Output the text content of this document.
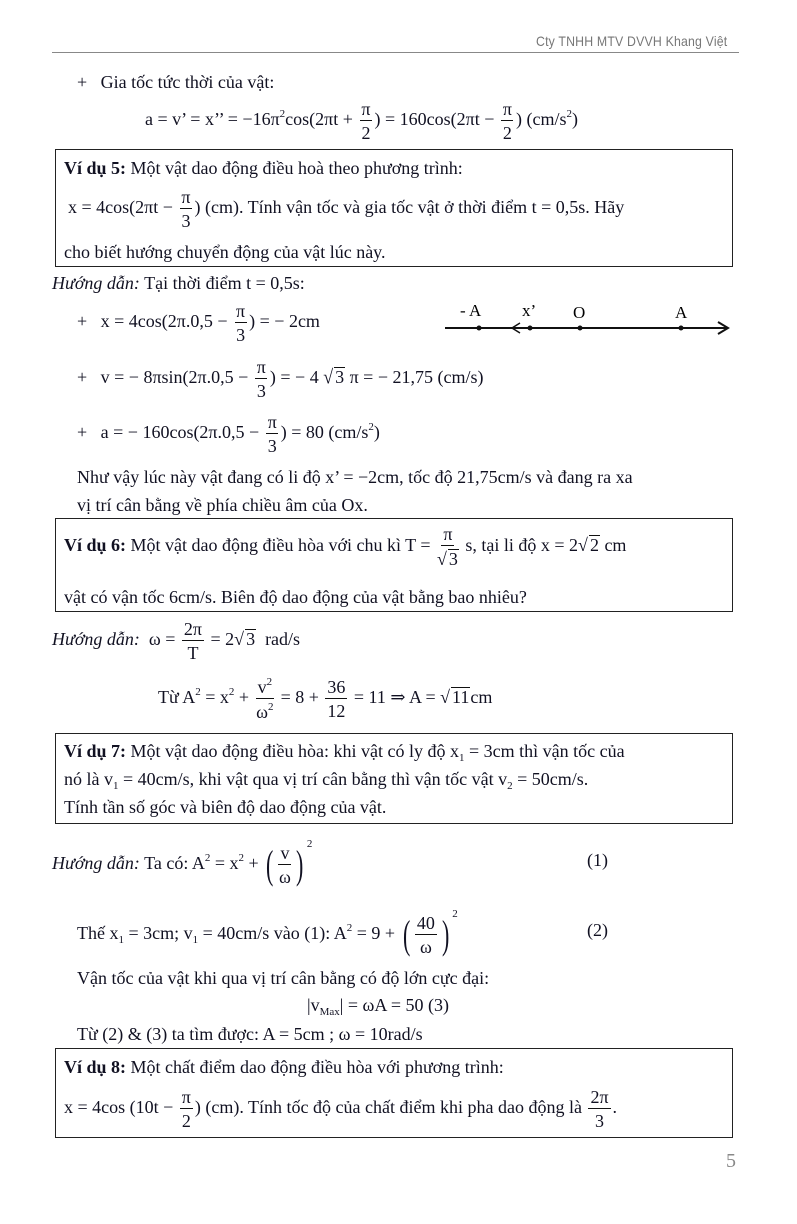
Cty TNHH MTV DVVH Khang Việt
+ Gia tốc tức thời của vật:
a = v’ = x’’ = $-16\pi^2\cos(2\pi t + \frac{\pi}{2}$ ) = $160\cos(2\pi t - \frac{\pi}{2}$ ) $(cm/s^2)$
Ví dụ 5: Một vật dao động điều hoà theo phương trình:
$x = 4\cos(2\pi t - \frac{\pi}{3}$ ) (cm). Tính vận tốc và gia tốc vật ở thời điểm t = 0,5s. Hãy
cho biết hướng chuyển động của vật lúc này.
Hướng dẫn: Tại thời điểm t = 0,5s:
+ $x = 4\cos(2\pi.0,5 - \frac{\pi}{3}$ ) = − 2cm
- A x’ O	A
+ v = − $8\pi\sin(2\pi.0,5 - \frac{\pi}{3}$ ) = − 4 √ 3 π = − 21,75 (cm/s)
+ a = − $160\cos(2\pi.0,5 - \frac{\pi}{3}$ ) = 80 $(cm/s^2)$
Như vậy lúc này vật đang có li độ x’ = −2cm, tốc độ 21,75cm/s và đang ra xa
vị trí cân bằng về phía chiều âm của Ox.
Ví dụ 6: Một vật dao động điều hòa với chu kì $T = \frac{\pi}{√ 3} s$, tại li độ x = 2√ 2 cm
vật có vận tốc 6cm/s. Biên độ dao động của vật bằng bao nhiêu?
Hướng dẫn: $\omega = \frac{2\pi}{T} = 2√$ 3 rad/s
Từ $A^2 = x^2 + \frac{v^2}{\omega^2} = 8 + \frac{36}{12} = 11$ ⇒ A = √ 11cm
Ví dụ 7: Một vật dao động điều hòa: khi vật có ly độ $x_1 = 3cm$ thì vận tốc của
nó là $v_1 = 40cm/s$, khi vật qua vị trí cân bằng thì vận tốc vật $v_2 = 50cm/s$.
Tính tần số góc và biên độ dao động của vật.
Hướng dẫn: Ta có: $A^2 = x^2$ + ( $\frac{v}{\omega}$ ) $^2$
(1)
Thế $x_1 = 3cm$; $v_1 = 40cm/s$ vào (1): $A^2 = 9$ + ( $\frac{40}{\omega}$ ) $^2$
(2)
Vận tốc của vật khi qua vị trí cân bằng có độ lớn cực đại:
$|v_{Max}| = \omega A = 50$ (3)
Từ (2) & (3) ta tìm được: A = 5cm ; ω = 10rad/s
Ví dụ 8: Một chất điểm dao động điều hòa với phương trình:
x = 4cos ($10t - \frac{\pi}{2}$ ) (cm). Tính tốc độ của chất điểm khi pha dao động là $\frac{2\pi}{3}$ .
5
